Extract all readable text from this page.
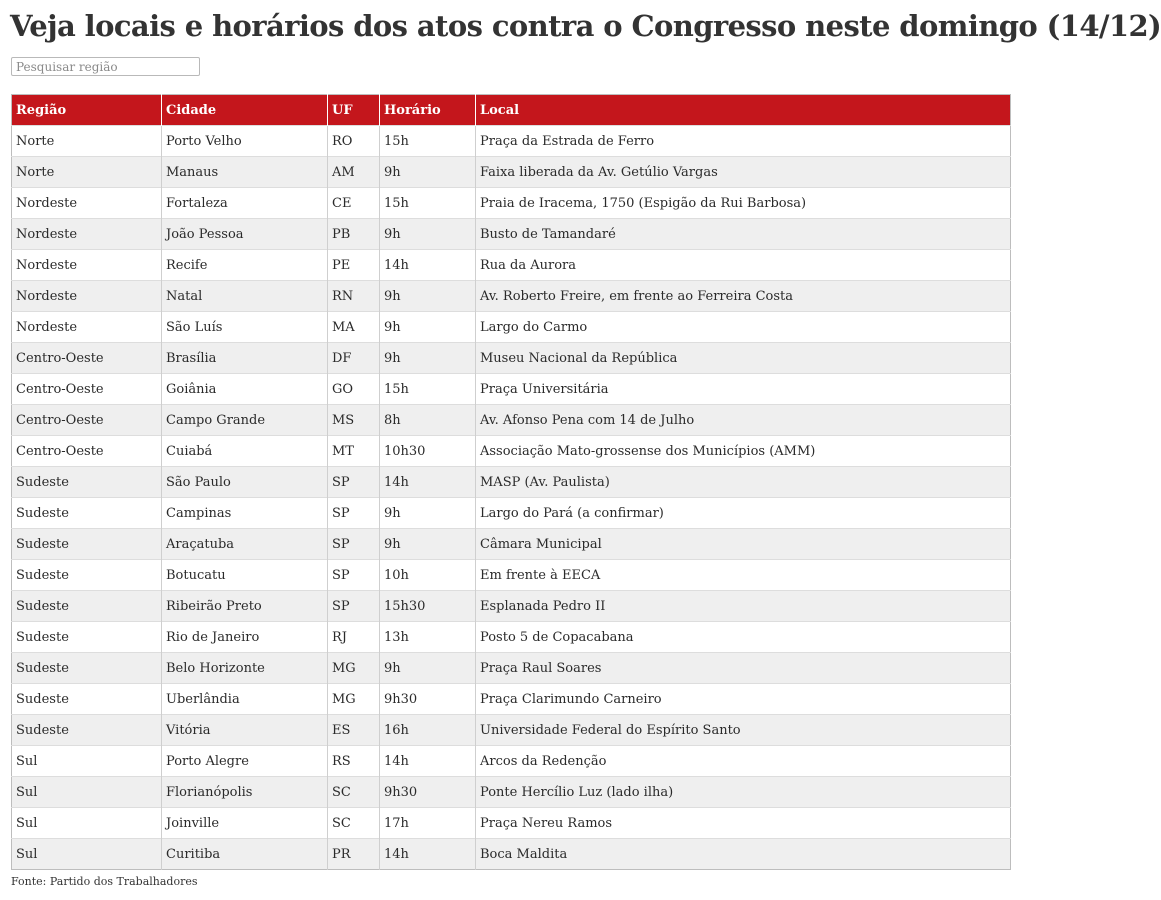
Veja locais e horários dos atos contra o Congresso neste domingo (14/12)
Pesquisar região
Região	Cidade	UF	Horário	Local
Norte	Porto Velho	RO	15h	Praça da Estrada de Ferro
Norte	Manaus	AM	9h	Faixa liberada da Av. Getúlio Vargas
Nordeste	Fortaleza	CE	15h	Praia de Iracema, 1750 (Espigão da Rui Barbosa)
Nordeste	João Pessoa	PB	9h	Busto de Tamandaré
Nordeste	Recife	PE	14h	Rua da Aurora
Nordeste	Natal	RN	9h	Av. Roberto Freire, em frente ao Ferreira Costa
Nordeste	São Luís	MA	9h	Largo do Carmo
Centro-Oeste	Brasília	DF	9h	Museu Nacional da República
Centro-Oeste	Goiânia	GO	15h	Praça Universitária
Centro-Oeste	Campo Grande	MS	8h	Av. Afonso Pena com 14 de Julho
Centro-Oeste	Cuiabá	MT	10h30	Associação Mato-grossense dos Municípios (AMM)
Sudeste	São Paulo	SP	14h	MASP (Av. Paulista)
Sudeste	Campinas	SP	9h	Largo do Pará (a confirmar)
Sudeste	Araçatuba	SP	9h	Câmara Municipal
Sudeste	Botucatu	SP	10h	Em frente à EECA
Sudeste	Ribeirão Preto	SP	15h30	Esplanada Pedro II
Sudeste	Rio de Janeiro	RJ	13h	Posto 5 de Copacabana
Sudeste	Belo Horizonte	MG	9h	Praça Raul Soares
Sudeste	Uberlândia	MG	9h30	Praça Clarimundo Carneiro
Sudeste	Vitória	ES	16h	Universidade Federal do Espírito Santo
Sul	Porto Alegre	RS	14h	Arcos da Redenção
Sul	Florianópolis	SC	9h30	Ponte Hercílio Luz (lado ilha)
Sul	Joinville	SC	17h	Praça Nereu Ramos
Sul	Curitiba	PR	14h	Boca Maldita
Fonte: Partido dos Trabalhadores
